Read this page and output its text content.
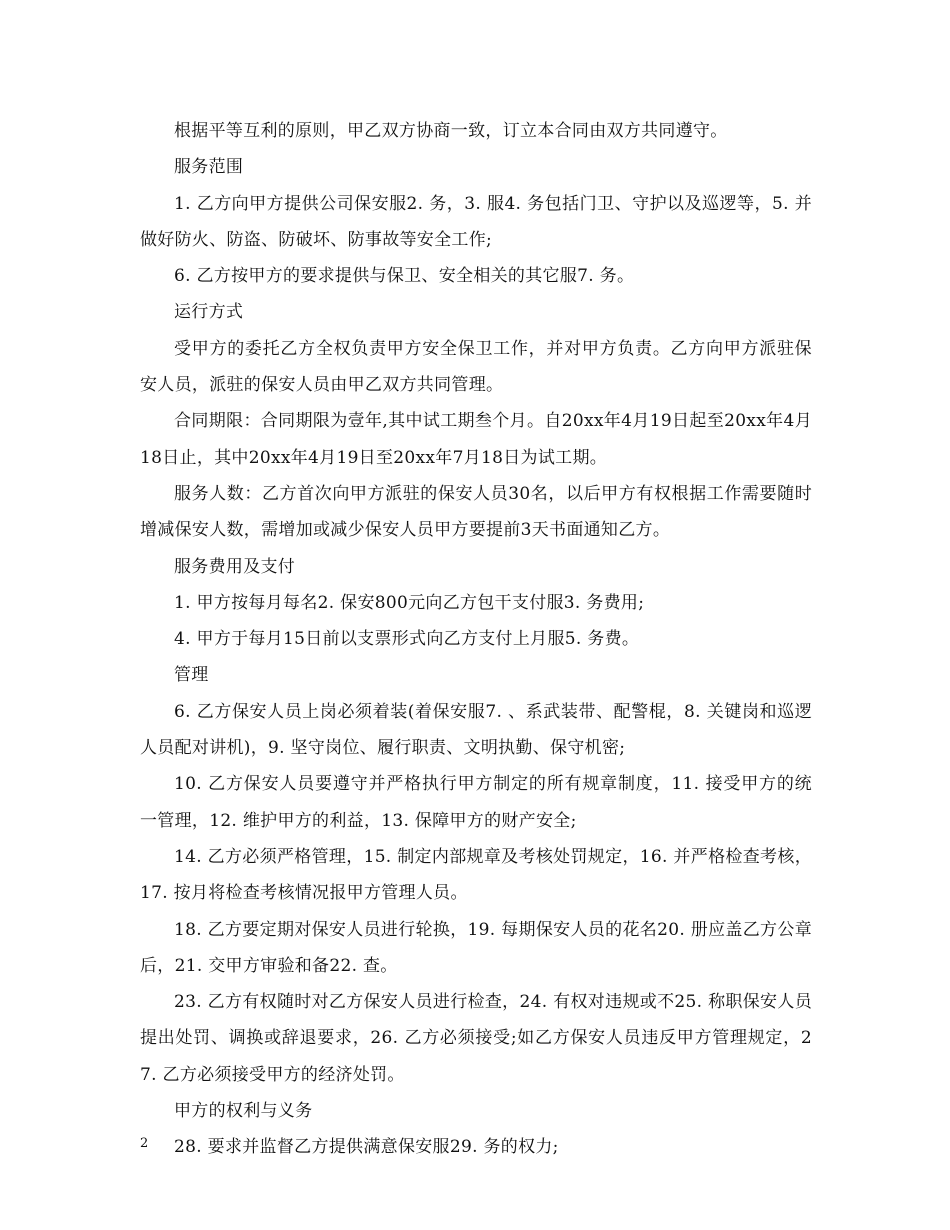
根据平等互利的原则，甲乙双方协商一致，订立本合同由双方共同遵守。

服务范围

1. 乙方向甲方提供公司保安服2. 务，3. 服4. 务包括门卫、守护以及巡逻等，5. 并做好防火、防盗、防破坏、防事故等安全工作;

6. 乙方按甲方的要求提供与保卫、安全相关的其它服7. 务。

运行方式

受甲方的委托乙方全权负责甲方安全保卫工作，并对甲方负责。乙方向甲方派驻保安人员，派驻的保安人员由甲乙双方共同管理。

合同期限：合同期限为壹年,其中试工期叁个月。自20xx年4月19日起至20xx年4月18日止，其中20xx年4月19日至20xx年7月18日为试工期。

服务人数：乙方首次向甲方派驻的保安人员30名，以后甲方有权根据工作需要随时增减保安人数，需增加或减少保安人员甲方要提前3天书面通知乙方。

服务费用及支付

1. 甲方按每月每名2. 保安800元向乙方包干支付服3. 务费用;

4. 甲方于每月15日前以支票形式向乙方支付上月服5. 务费。

管理

6. 乙方保安人员上岗必须着装(着保安服7. 、系武装带、配警棍，8. 关键岗和巡逻人员配对讲机)，9. 坚守岗位、履行职责、文明执勤、保守机密;

10. 乙方保安人员要遵守并严格执行甲方制定的所有规章制度，11. 接受甲方的统一管理，12. 维护甲方的利益，13. 保障甲方的财产安全;

14. 乙方必须严格管理，15. 制定内部规章及考核处罚规定，16. 并严格检查考核，17. 按月将检查考核情况报甲方管理人员。

18. 乙方要定期对保安人员进行轮换，19. 每期保安人员的花名20. 册应盖乙方公章后，21. 交甲方审验和备22. 查。

23. 乙方有权随时对乙方保安人员进行检查，24. 有权对违规或不25. 称职保安人员提出处罚、调换或辞退要求，26. 乙方必须接受;如乙方保安人员违反甲方管理规定，27. 乙方必须接受甲方的经济处罚。

甲方的权利与义务

28. 要求并监督乙方提供满意保安服29. 务的权力;

2
